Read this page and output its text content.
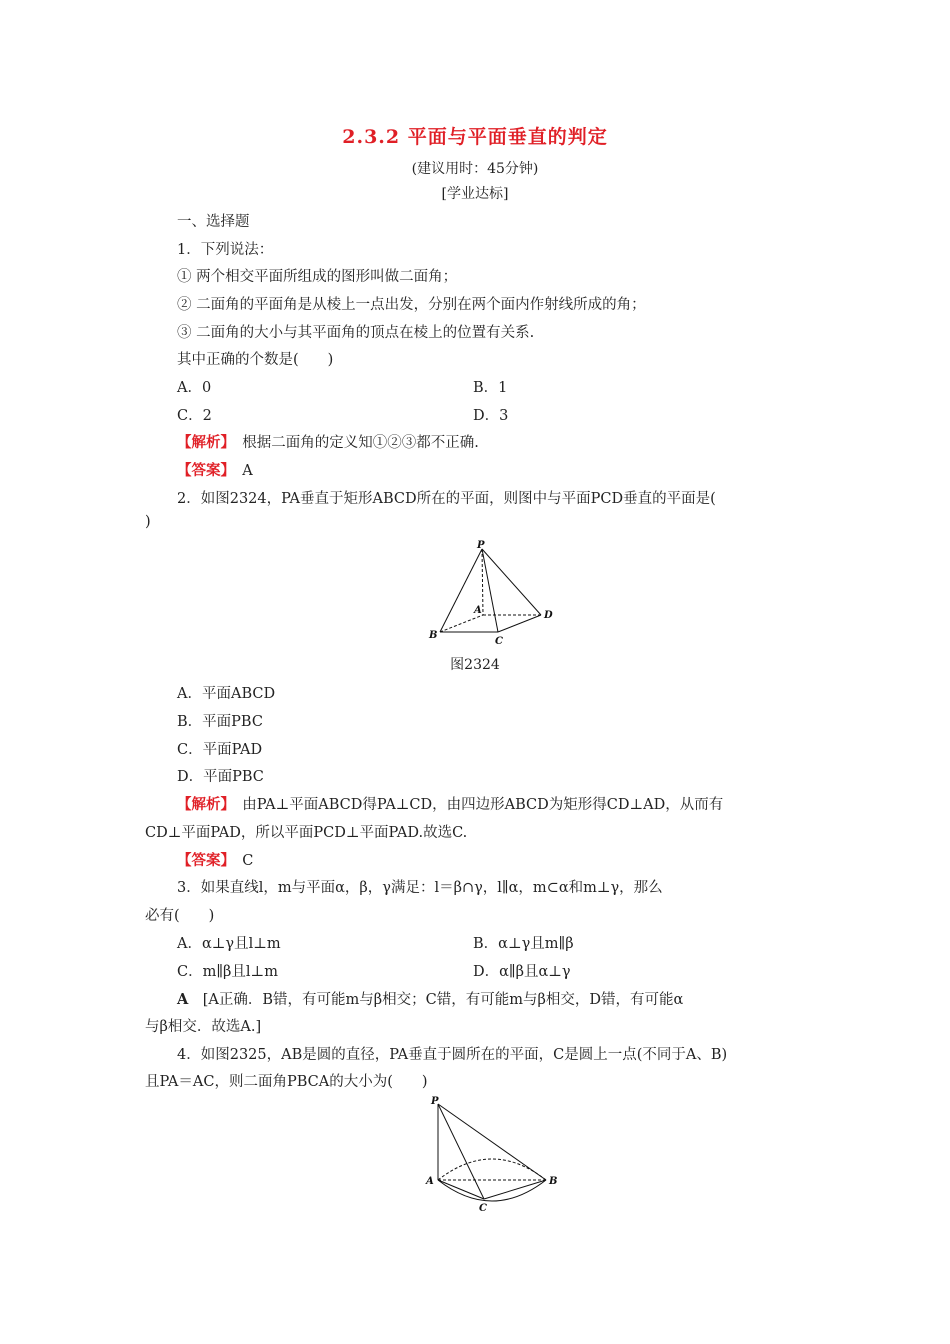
2.3.2 平面与平面垂直的判定
(建议用时：45分钟)
[学业达标]
一、选择题
1．下列说法：
① 两个相交平面所组成的图形叫做二面角；
② 二面角的平面角是从棱上一点出发，分别在两个面内作射线所成的角；
③ 二面角的大小与其平面角的顶点在棱上的位置有关系.
其中正确的个数是(　　)
A．0	B．1
C．2	D．3
【解析】　根据二面角的定义知①②③都不正确.
【答案】　A
2．如图2324，PA垂直于矩形ABCD所在的平面，则图中与平面PCD垂直的平面是(
)
P
A
B
C
D
图2324
A．平面ABCD
B．平面PBC
C．平面PAD
D．平面PBC
【解析】　由PA⊥平面ABCD得PA⊥CD，由四边形ABCD为矩形得CD⊥AD，从而有
CD⊥平面PAD，所以平面PCD⊥平面PAD.故选C.
【答案】　C
3．如果直线l，m与平面α，β，γ满足：l＝β∩γ，l∥α，m⊂α和m⊥γ，那么
必有(　　)
A．α⊥γ且l⊥m	B．α⊥γ且m∥β
C．m∥β且l⊥m	D．α∥β且α⊥γ
A　[A正确．B错，有可能m与β相交；C错，有可能m与β相交，D错，有可能α
与β相交．故选A.]
4．如图2325，AB是圆的直径，PA垂直于圆所在的平面，C是圆上一点(不同于A、B)
且PA＝AC，则二面角PBCA的大小为(　　)
P
A	B
C
